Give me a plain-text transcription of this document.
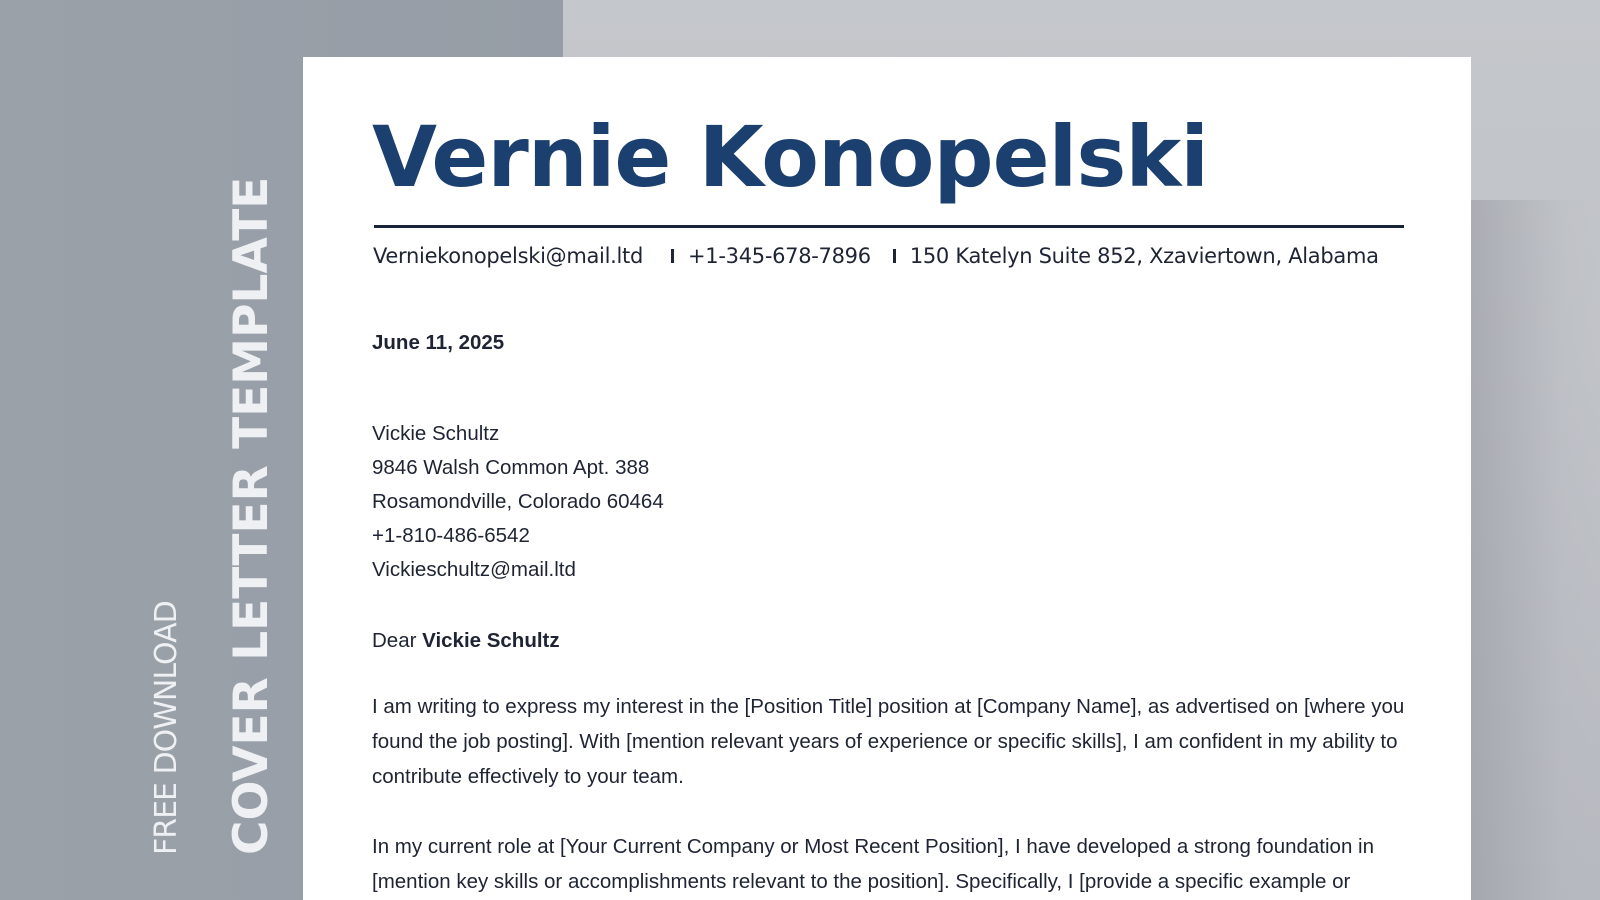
COVER LETTER TEMPLATE
FREE DOWNLOAD
Vernie Konopelski
Verniekonopelski@mail.ltd +1-345-678-7896 150 Katelyn Suite 852, Xzaviertown, Alabama
June 11, 2025
Vickie Schultz
9846 Walsh Common Apt. 388
Rosamondville, Colorado 60464
+1-810-486-6542
Vickieschultz@mail.ltd
Dear Vickie Schultz

I am writing to express my interest in the [Position Title] position at [Company Name], as advertised on [where you found the job posting]. With [mention relevant years of experience or specific skills], I am confident in my ability to contribute effectively to your team.

In my current role at [Your Current Company or Most Recent Position], I have developed a strong foundation in [mention key skills or accomplishments relevant to the position]. Specifically, I [provide a specific example or
